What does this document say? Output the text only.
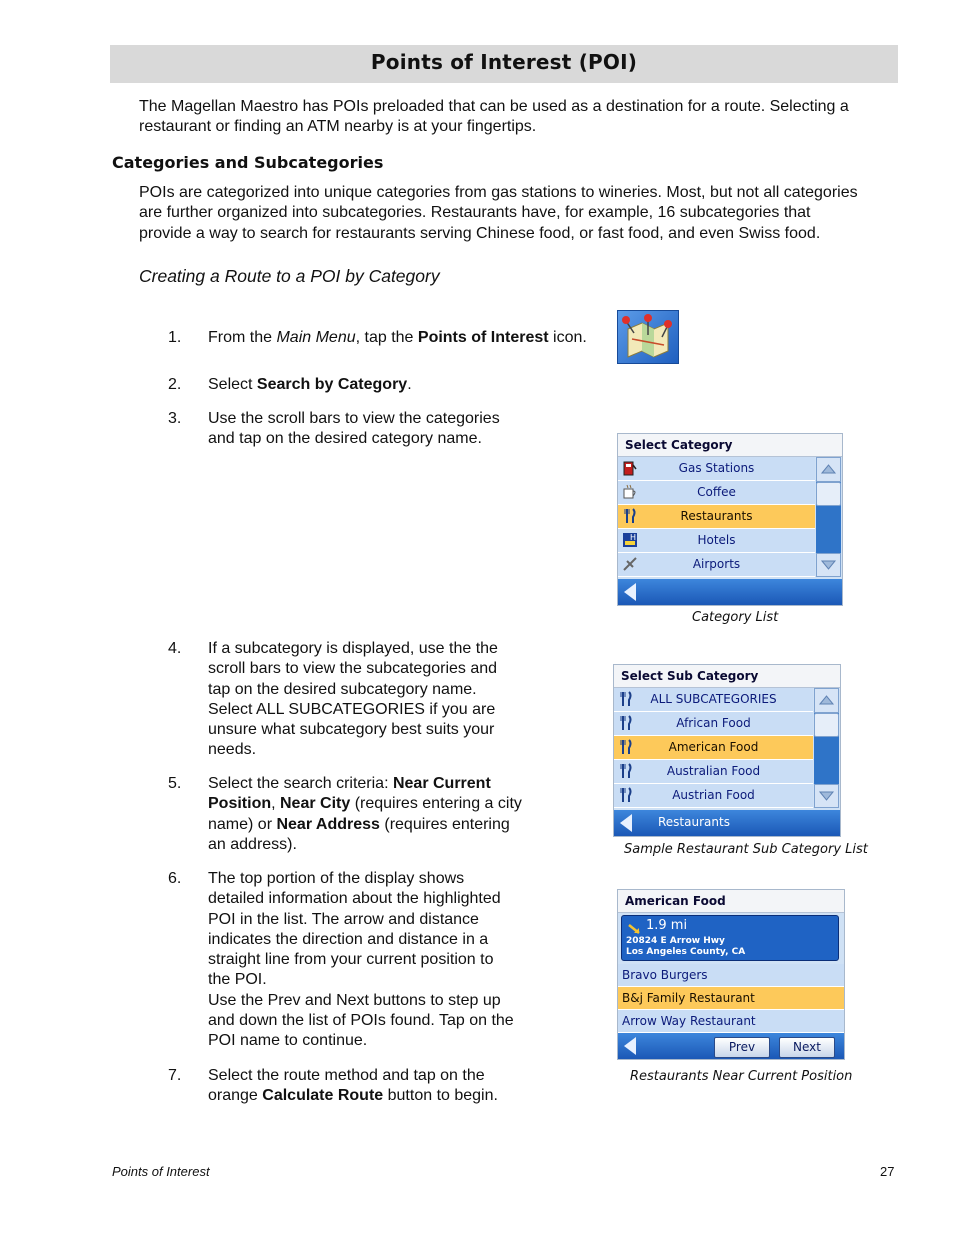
Points of Interest (POI)
The Magellan Maestro has POIs preloaded that can be used as a destination for a route. Selecting a
restaurant or finding an ATM nearby is at your fingertips.
Categories and Subcategories
POIs are categorized into unique categories from gas stations to wineries. Most, but not all categories
are further organized into subcategories. Restaurants have, for example, 16 subcategories that
provide a way to search for restaurants serving Chinese food, or fast food, and even Swiss food.
Creating a Route to a POI by Category
1. From the Main Menu, tap the Points of Interest icon.
2. Select Search by Category.
3. Use the scroll bars to view the categories
and tap on the desired category name.	Select Category
Gas Stations
Coffee
Restaurants
H	Hotels
Airports
Category List
4. If a subcategory is displayed, use the the
scroll bars to view the subcategories and
tap on the desired subcategory name.
Select ALL SUBCATEGORIES if you are
unsure what subcategory best suits your
needs.
Select Sub Category
ALL SUBCATEGORIES
African Food
American Food
Australian Food
Austrian Food
Restaurants
Sample Restaurant Sub Category List
5. Select the search criteria: Near Current
Position, Near City (requires entering a city
name) or Near Address (requires entering
an address).
6. The top portion of the display shows
detailed information about the highlighted
POI in the list. The arrow and distance
indicates the direction and distance in a
straight line from your current position to
the POI.
Use the Prev and Next buttons to step up
and down the list of POIs found. Tap on the
POI name to continue.
American Food
1.9 mi
20824 E Arrow Hwy
Los Angeles County, CA
Bravo Burgers
B&j Family Restaurant
Arrow Way Restaurant
Prev	Next
Restaurants Near Current Position
7. Select the route method and tap on the
orange Calculate Route button to begin.
Points of Interest	27
